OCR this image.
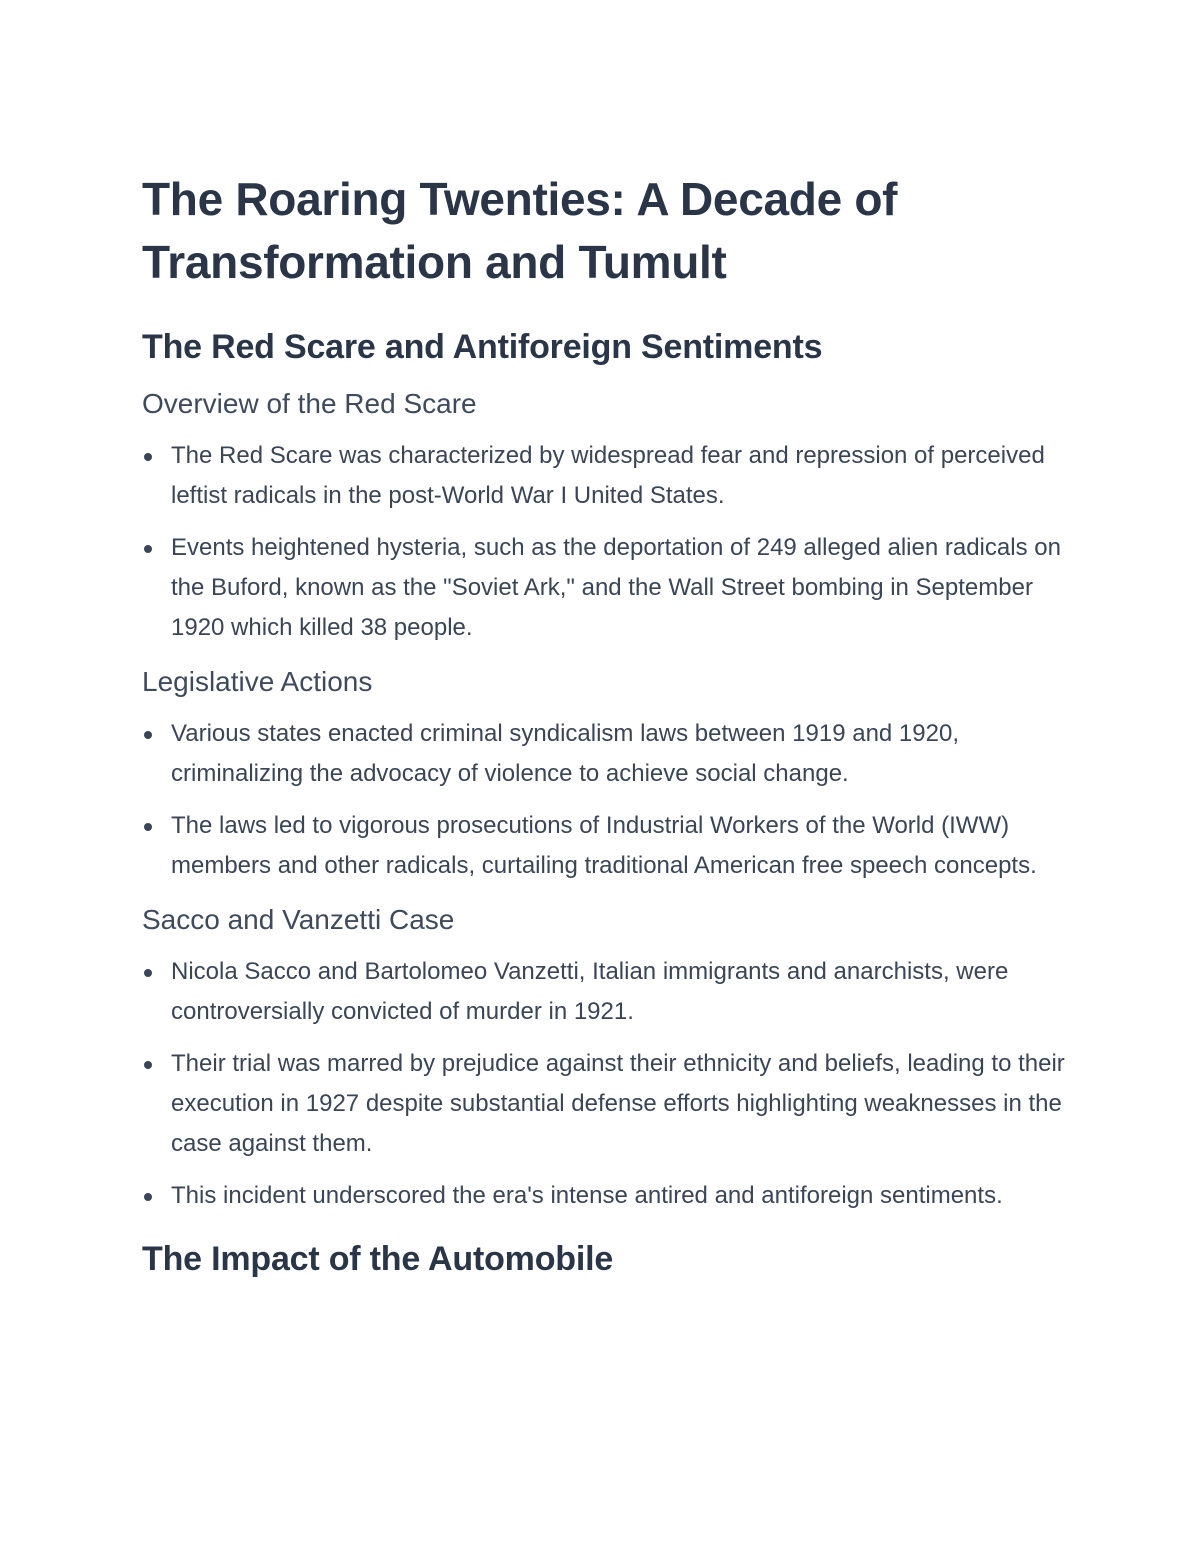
The Roaring Twenties: A Decade of Transformation and Tumult
The Red Scare and Antiforeign Sentiments
Overview of the Red Scare
The Red Scare was characterized by widespread fear and repression of perceived leftist radicals in the post-World War I United States.
Events heightened hysteria, such as the deportation of 249 alleged alien radicals on the Buford, known as the "Soviet Ark," and the Wall Street bombing in September 1920 which killed 38 people.
Legislative Actions
Various states enacted criminal syndicalism laws between 1919 and 1920, criminalizing the advocacy of violence to achieve social change.
The laws led to vigorous prosecutions of Industrial Workers of the World (IWW) members and other radicals, curtailing traditional American free speech concepts.
Sacco and Vanzetti Case
Nicola Sacco and Bartolomeo Vanzetti, Italian immigrants and anarchists, were controversially convicted of murder in 1921.
Their trial was marred by prejudice against their ethnicity and beliefs, leading to their execution in 1927 despite substantial defense efforts highlighting weaknesses in the case against them.
This incident underscored the era's intense antired and antiforeign sentiments.
The Impact of the Automobile
